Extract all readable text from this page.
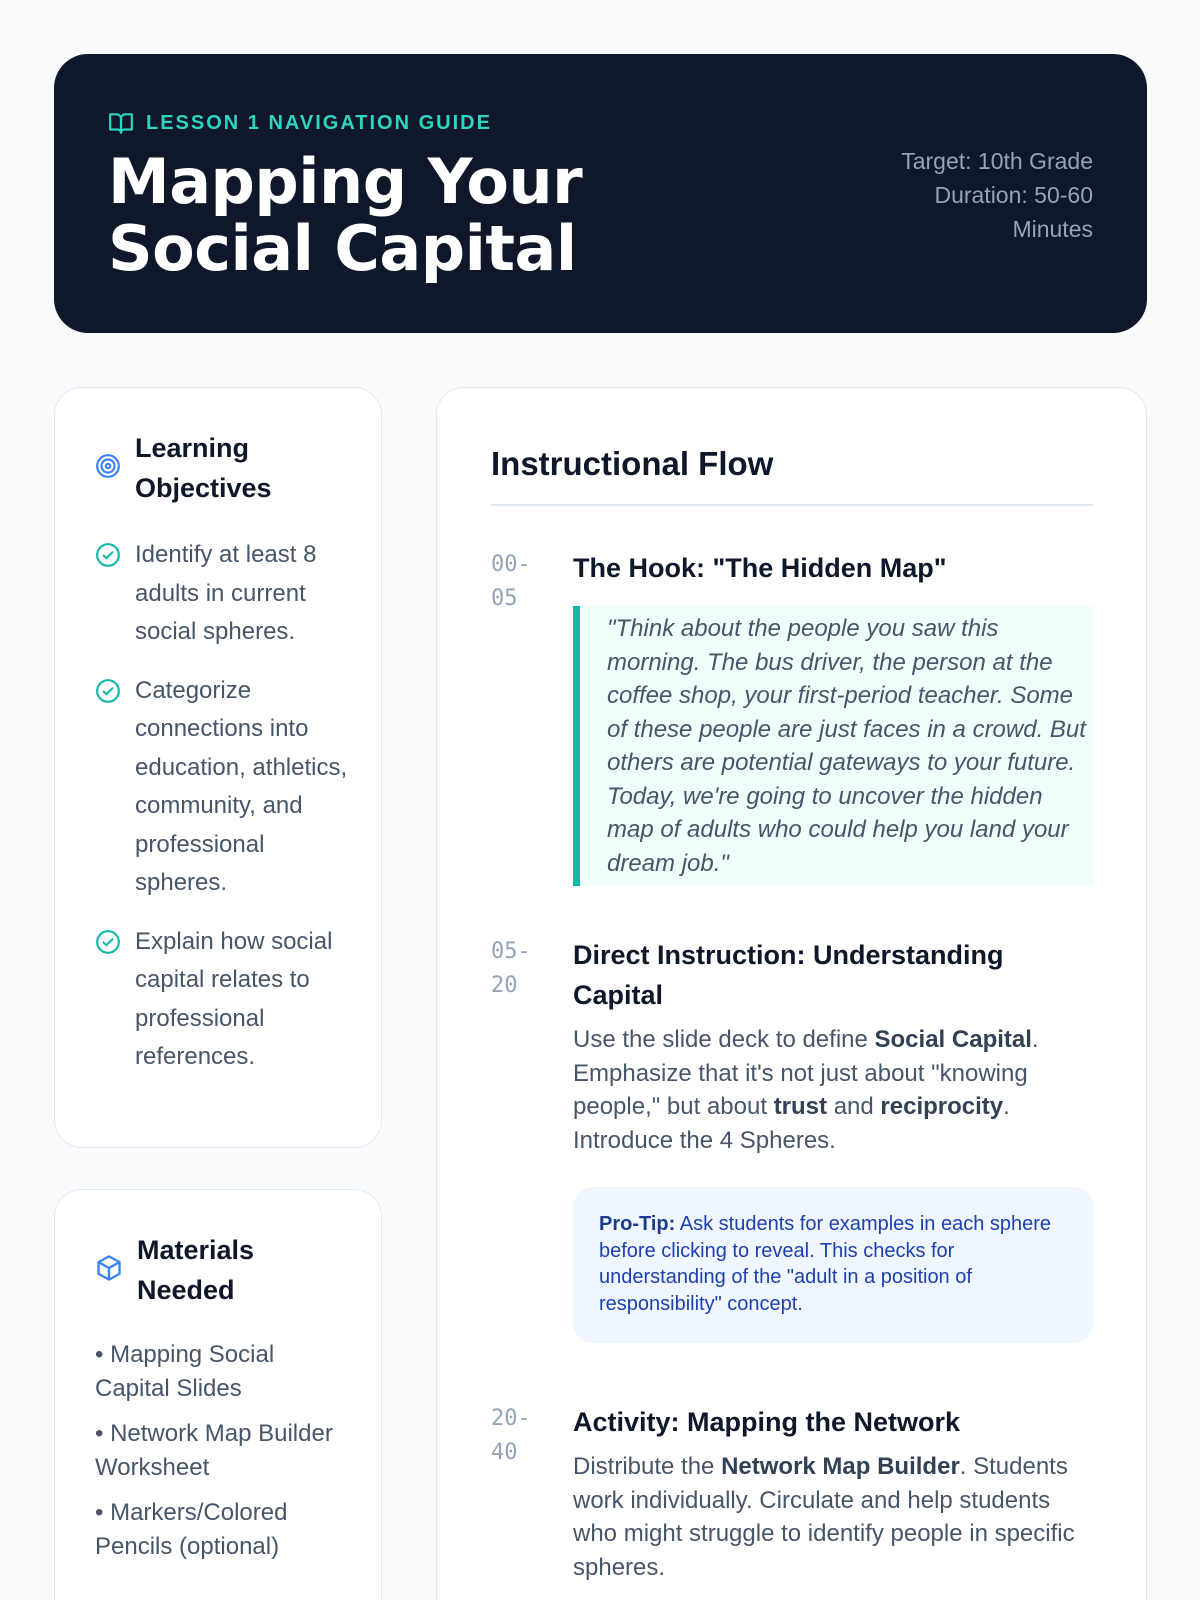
LESSON 1 NAVIGATION GUIDE
Mapping Your Social Capital
Target: 10th Grade
Duration: 50-60 Minutes
Learning Objectives
Identify at least 8 adults in current social spheres.
Categorize connections into education, athletics, community, and professional spheres.
Explain how social capital relates to professional references.
Materials Needed
• Mapping Social Capital Slides
• Network Map Builder Worksheet
• Markers/Colored Pencils (optional)
Instructional Flow
00-
05
The Hook: "The Hidden Map"

"Think about the people you saw this morning. The bus driver, the person at the coffee shop, your first-period teacher. Some of these people are just faces in a crowd. But others are potential gateways to your future. Today, we're going to uncover the hidden map of adults who could help you land your dream job."

05-
20
Direct Instruction: Understanding Capital

Use the slide deck to define Social Capital. Emphasize that it's not just about "knowing people," but about trust and reciprocity. Introduce the 4 Spheres.

Pro-Tip: Ask students for examples in each sphere before clicking to reveal. This checks for understanding of the "adult in a position of responsibility" concept.

20-
40
Activity: Mapping the Network

Distribute the Network Map Builder. Students work individually. Circulate and help students who might struggle to identify people in specific spheres.
